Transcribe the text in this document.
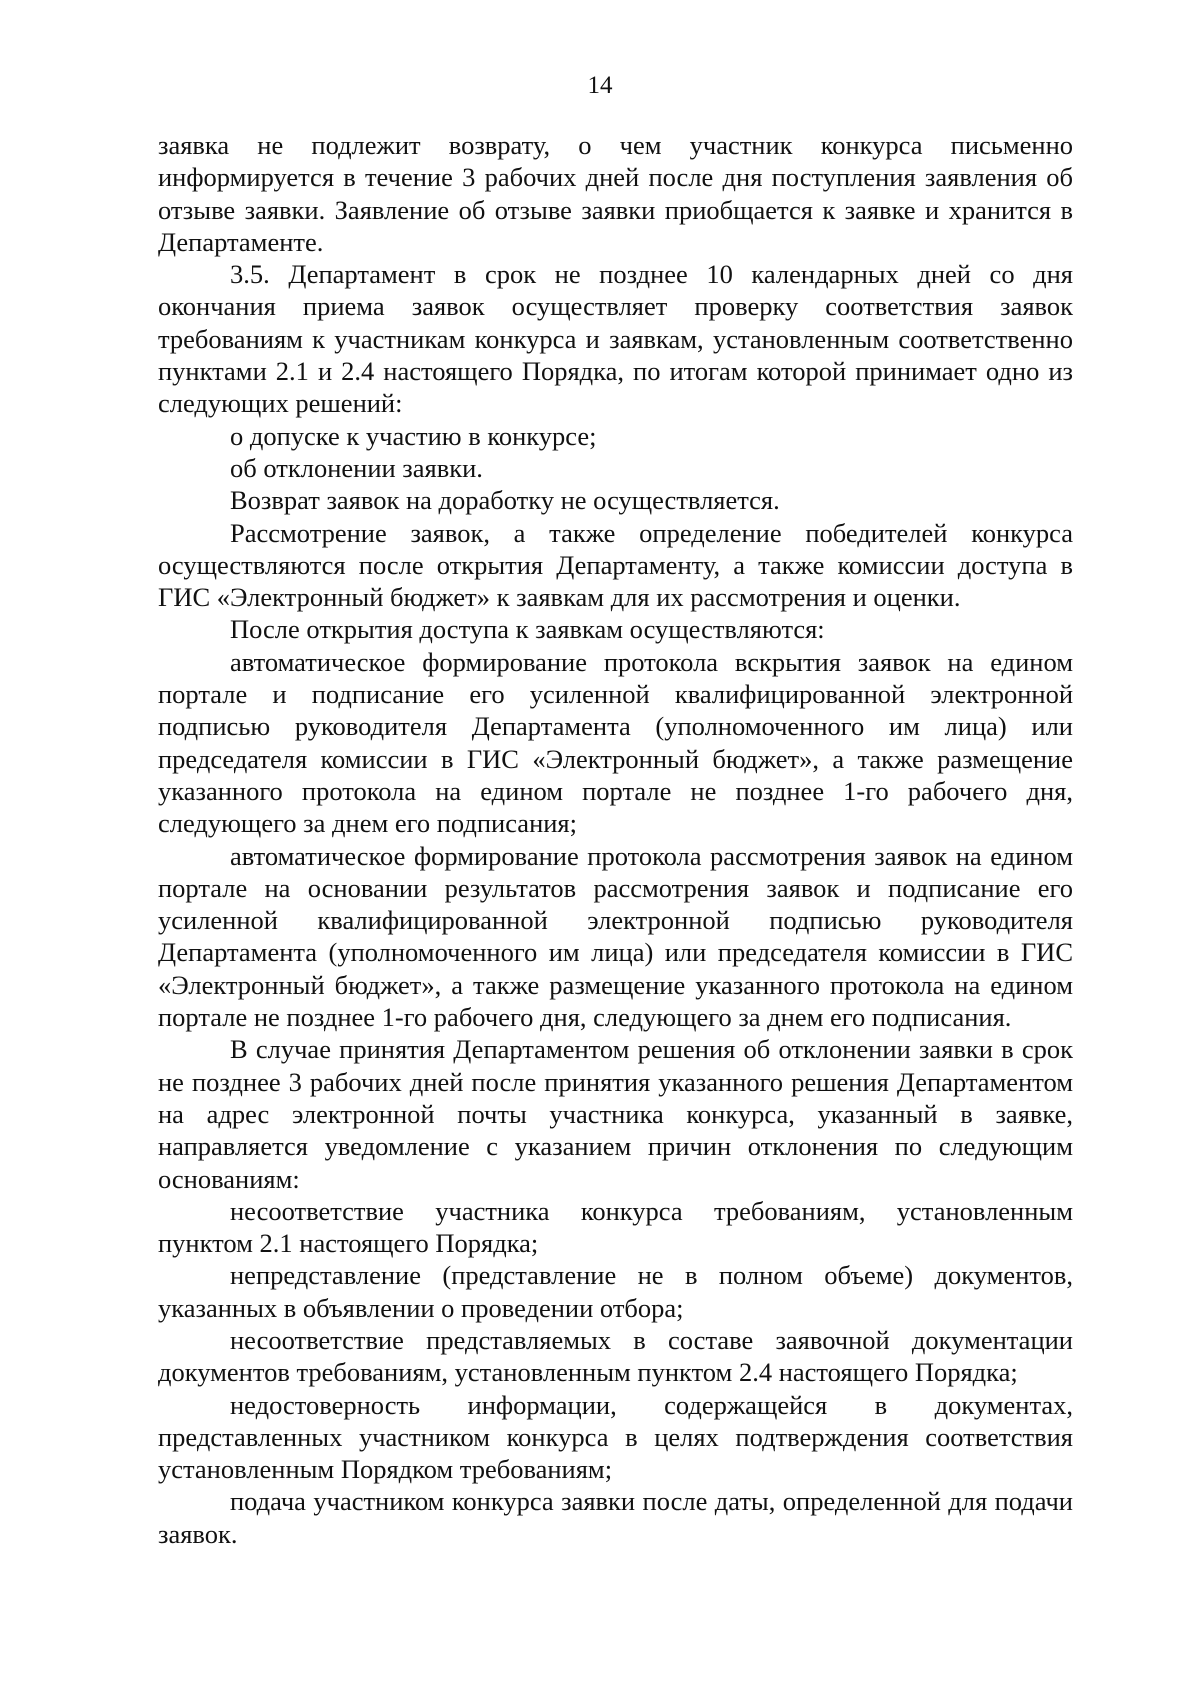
14

заявка не подлежит возврату, о чем участник конкурса письменно информируется в течение 3 рабочих дней после дня поступления заявления об отзыве заявки. Заявление об отзыве заявки приобщается к заявке и хранится в Департаменте.

3.5. Департамент в срок не позднее 10 календарных дней со дня окончания приема заявок осуществляет проверку соответствия заявок требованиям к участникам конкурса и заявкам, установленным соответственно пунктами 2.1 и 2.4 настоящего Порядка, по итогам которой принимает одно из следующих решений:

о допуске к участию в конкурсе;

об отклонении заявки.

Возврат заявок на доработку не осуществляется.

Рассмотрение заявок, а также определение победителей конкурса осуществляются после открытия Департаменту, а также комиссии доступа в ГИС «Электронный бюджет» к заявкам для их рассмотрения и оценки.

После открытия доступа к заявкам осуществляются:

автоматическое формирование протокола вскрытия заявок на едином портале и подписание его усиленной квалифицированной электронной подписью руководителя Департамента (уполномоченного им лица) или председателя комиссии в ГИС «Электронный бюджет», а также размещение указанного протокола на едином портале не позднее 1-го рабочего дня, следующего за днем его подписания;

автоматическое формирование протокола рассмотрения заявок на едином портале на основании результатов рассмотрения заявок и подписание его усиленной квалифицированной электронной подписью руководителя Департамента (уполномоченного им лица) или председателя комиссии в ГИС «Электронный бюджет», а также размещение указанного протокола на едином портале не позднее 1-го рабочего дня, следующего за днем его подписания.

В случае принятия Департаментом решения об отклонении заявки в срок не позднее 3 рабочих дней после принятия указанного решения Департаментом на адрес электронной почты участника конкурса, указанный в заявке, направляется уведомление с указанием причин отклонения по следующим основаниям:

несоответствие участника конкурса требованиям, установленным пунктом 2.1 настоящего Порядка;

непредставление (представление не в полном объеме) документов, указанных в объявлении о проведении отбора;

несоответствие представляемых в составе заявочной документации документов требованиям, установленным пунктом 2.4 настоящего Порядка;

недостоверность информации, содержащейся в документах, представленных участником конкурса в целях подтверждения соответствия установленным Порядком требованиям;

подача участником конкурса заявки после даты, определенной для подачи заявок.
